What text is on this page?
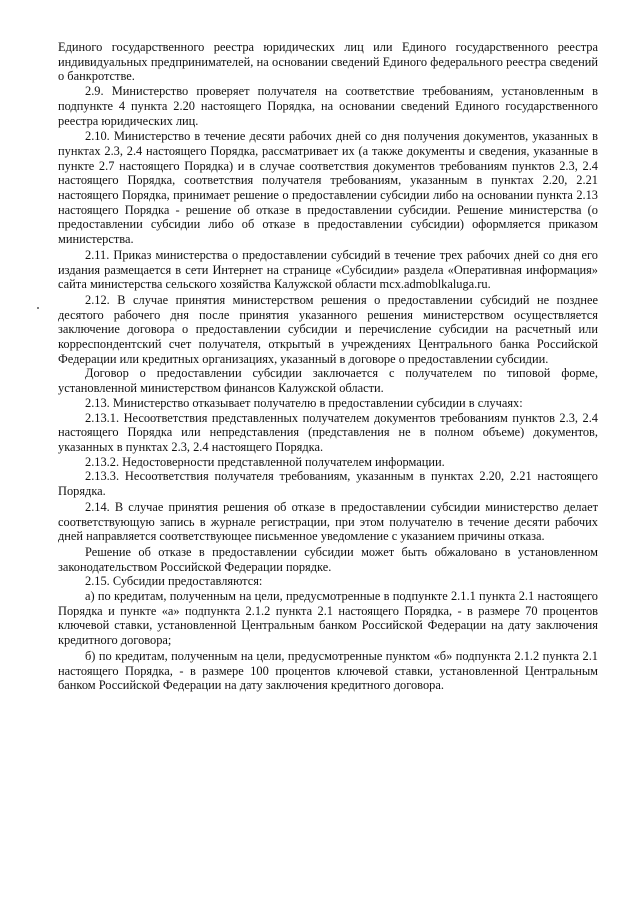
Единого государственного реестра юридических лиц или Единого государственного реестра индивидуальных предпринимателей, на основании сведений Единого федерального реестра сведений о банкротстве.

2.9. Министерство проверяет получателя на соответствие требованиям, установленным в подпункте 4 пункта 2.20 настоящего Порядка, на основании сведений Единого государственного реестра юридических лиц.

2.10. Министерство в течение десяти рабочих дней со дня получения документов, указанных в пунктах 2.3, 2.4 настоящего Порядка, рассматривает их (а также документы и сведения, указанные в пункте 2.7 настоящего Порядка) и в случае соответствия документов требованиям пунктов 2.3, 2.4 настоящего Порядка, соответствия получателя требованиям, указанным в пунктах 2.20, 2.21 настоящего Порядка, принимает решение о предоставлении субсидии либо на основании пункта 2.13 настоящего Порядка - решение об отказе в предоставлении субсидии. Решение министерства (о предоставлении субсидии либо об отказе в предоставлении субсидии) оформляется приказом министерства.

2.11. Приказ министерства о предоставлении субсидий в течение трех рабочих дней со дня его издания размещается в сети Интернет на странице «Субсидии» раздела «Оперативная информация» сайта министерства сельского хозяйства Калужской области mcx.admoblkaluga.ru.

2.12. В случае принятия министерством решения о предоставлении субсидий не позднее десятого рабочего дня после принятия указанного решения министерством осуществляется заключение договора о предоставлении субсидии и перечисление субсидии на расчетный или корреспондентский счет получателя, открытый в учреждениях Центрального банка Российской Федерации или кредитных организациях, указанный в договоре о предоставлении субсидии.

Договор о предоставлении субсидии заключается с получателем по типовой форме, установленной министерством финансов Калужской области.

2.13. Министерство отказывает получателю в предоставлении субсидии в случаях:

2.13.1. Несоответствия представленных получателем документов требованиям пунктов 2.3, 2.4 настоящего Порядка или непредставления (представления не в полном объеме) документов, указанных в пунктах 2.3, 2.4 настоящего Порядка.

2.13.2. Недостоверности представленной получателем информации.

2.13.3. Несоответствия получателя требованиям, указанным в пунктах 2.20, 2.21 настоящего Порядка.

2.14. В случае принятия решения об отказе в предоставлении субсидии министерство делает соответствующую запись в журнале регистрации, при этом получателю в течение десяти рабочих дней направляется соответствующее письменное уведомление с указанием причины отказа.

Решение об отказе в предоставлении субсидии может быть обжаловано в установленном законодательством Российской Федерации порядке.

2.15. Субсидии предоставляются:

а) по кредитам, полученным на цели, предусмотренные в подпункте 2.1.1 пункта 2.1 настоящего Порядка и пункте «а» подпункта 2.1.2 пункта 2.1 настоящего Порядка, - в размере 70 процентов ключевой ставки, установленной Центральным банком Российской Федерации на дату заключения кредитного договора;

б) по кредитам, полученным на цели, предусмотренные пунктом «б» подпункта 2.1.2 пункта 2.1 настоящего Порядка, - в размере 100 процентов ключевой ставки, установленной Центральным банком Российской Федерации на дату заключения кредитного договора.
